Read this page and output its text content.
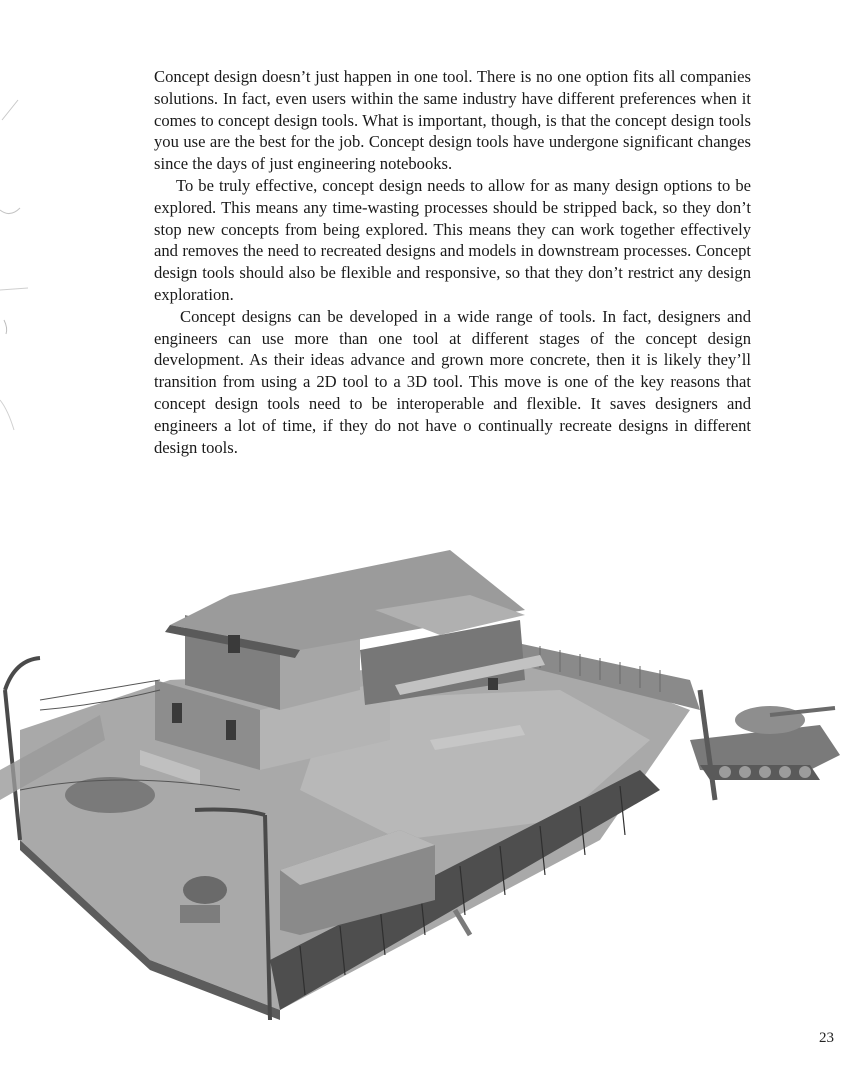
Concept design doesn’t just happen in one tool. There is no one option fits all companies solutions. In fact, even users within the same industry have different preferences when it comes to concept design tools. What is important, though, is that the concept design tools you use are the best for the job. Concept design tools have undergone significant changes since the days of just engineering notebooks.

To be truly effective, concept design needs to allow for as many design options to be explored. This means any time-wasting processes should be stripped back, so they don’t stop new concepts from being explored. This means they can work together effectively and removes the need to recreated designs and models in downstream processes. Concept design tools should also be flexible and responsive, so that they don’t restrict any design exploration.

Concept designs can be developed in a wide range of tools. In fact, designers and engineers can use more than one tool at different stages of the concept design development. As their ideas advance and grown more concrete, then it is likely they’ll transition from using a 2D tool to a 3D tool. This move is one of the key reasons that concept design tools need to be interoperable and flexible. It saves designers and engineers a lot of time, if they do not have o continually recreate designs in different design tools.

23
